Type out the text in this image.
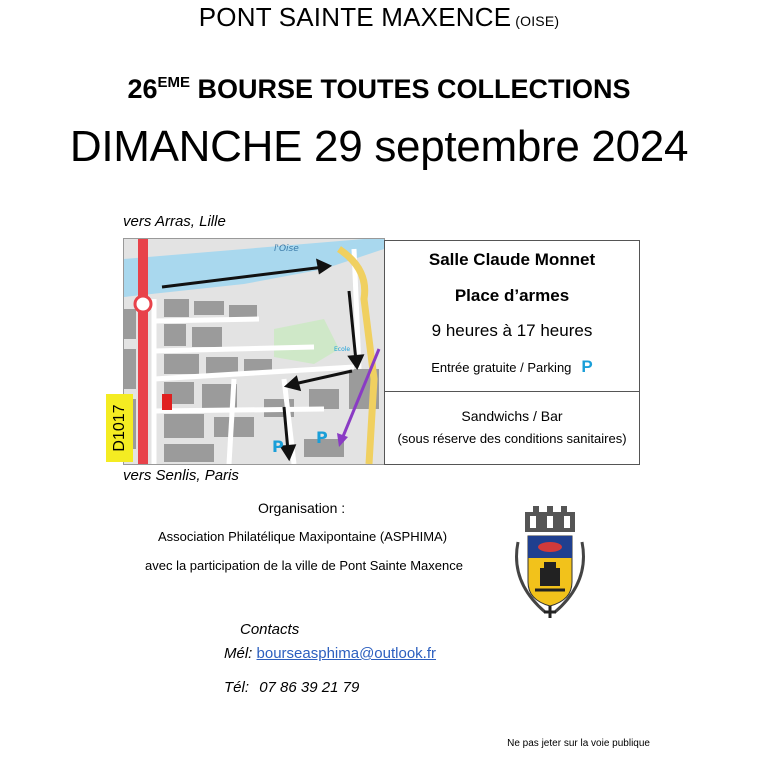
PONT SAINTE MAXENCE (OISE)
26EME BOURSE TOUTES COLLECTIONS
DIMANCHE 29 septembre 2024
vers Arras, Lille
vers Senlis, Paris
l'Oise
P P
Ecole
D1017
Salle Claude Monnet
Place d’armes
9 heures à 17 heures
Entrée gratuite / Parking P
Sandwichs / Bar
(sous réserve des conditions sanitaires)
Organisation :
Association Philatélique Maxipontaine (ASPHIMA)
avec la participation de la ville de Pont Sainte Maxence
Contacts
Mél: bourseasphima@outlook.fr
Tél: 07 86 39 21 79
Ne pas jeter sur la voie publique
